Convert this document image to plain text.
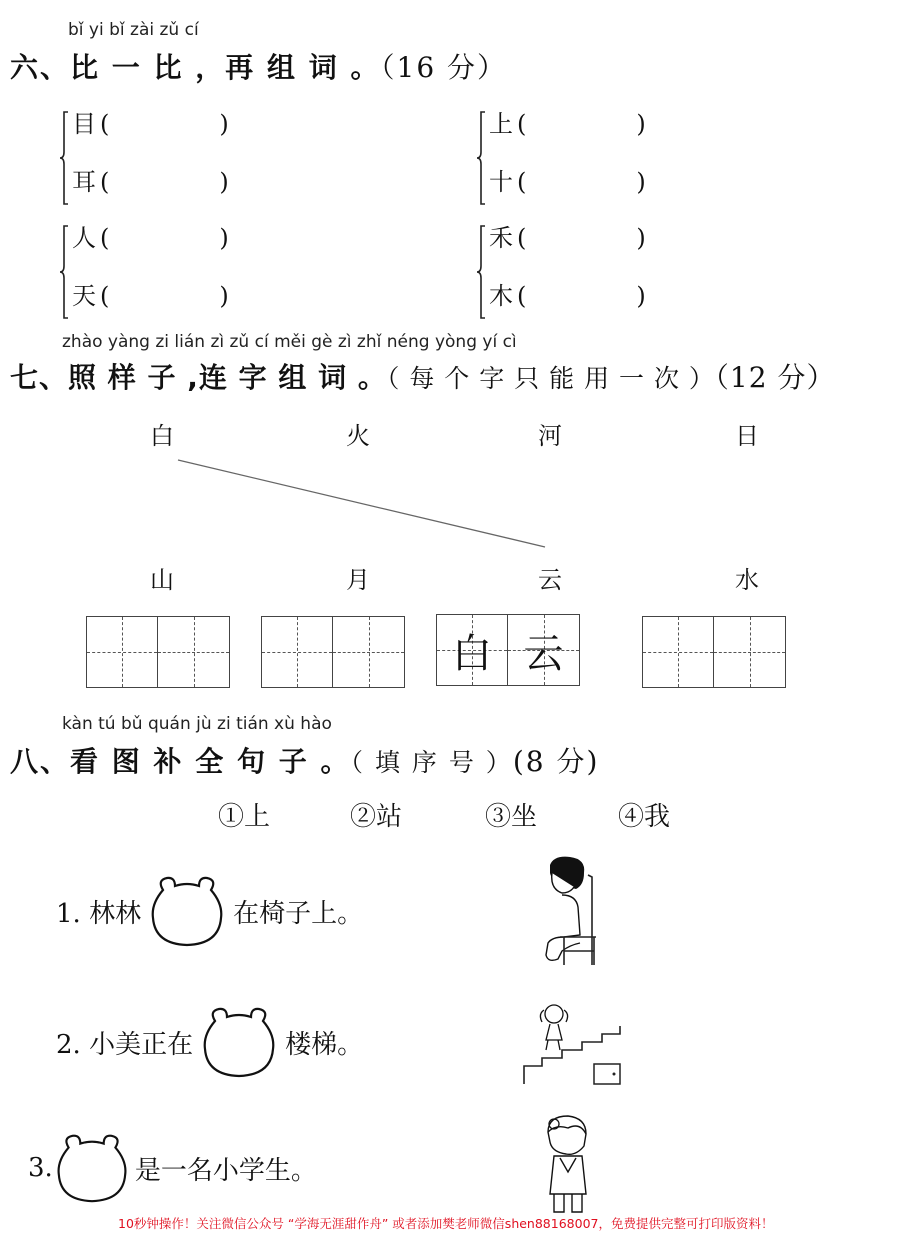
bǐ yi bǐ zài zǔ cí
六、比 一 比 ，再 组 词 。（16 分）
目 (	)
耳 (	)
上 (	)
十 (	)
人 (	)
天 (	)
禾 (	)
木 (	)
zhào yàng zi lián zì zǔ cí měi gè zì zhǐ néng yòng yí cì
七、照 样 子 ,连 字 组 词 。（ 每 个 字 只 能 用 一 次 ）（12 分）
白	火	河	日
山	月	云	水
白 云
kàn tú bǔ quán jù zi tián xù hào
八、看 图 补 全 句 子 。（ 填 序 号 ）(8 分)
①上	②站	③坐	④我
1. 林林	在椅子上。
2. 小美正在	楼梯。
3.	是一名小学生。
10秒钟操作！关注微信公众号 “学海无涯甜作舟” 或者添加樊老师微信shen88168007，免费提供完整可打印版资料！
